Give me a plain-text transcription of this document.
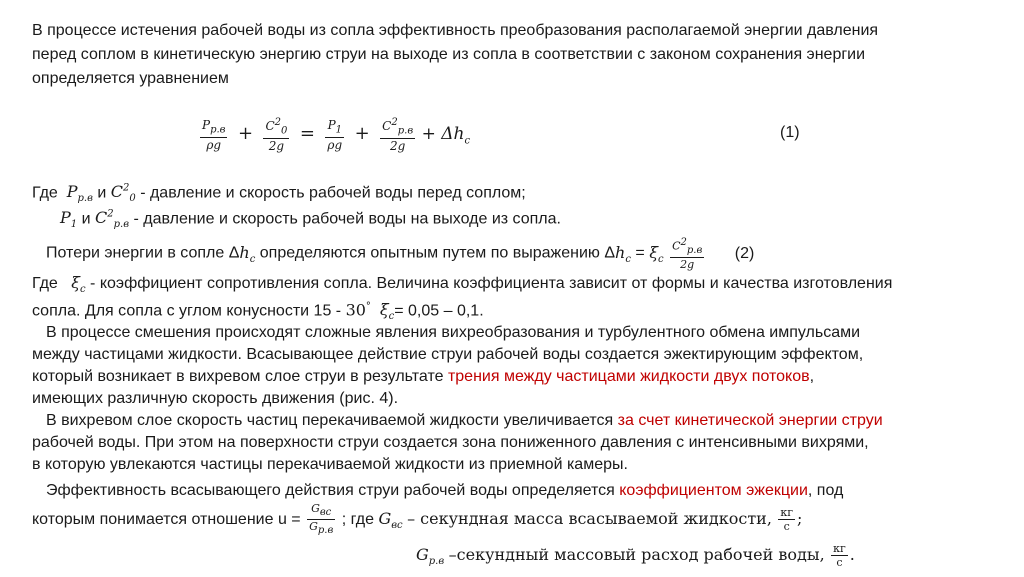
В процессе истечения рабочей воды из сопла эффективность преобразования располагаемой энергии давления
перед соплом в кинетическую энергию струи на выходе из сопла в соответствии с законом сохранения энергии
определяется уравнением
$\frac{P_{р.в}}{\rho g} + \frac{C^2_0}{2g} = \frac{P_1}{\rho g} + \frac{C^2_{р.в}}{2g} + \Delta h_c$	(1)
Где $P_{р.в}$ и $C^2_0$ - давление и скорость рабочей воды перед соплом;
$P_1$ и $C^2_{р.в}$ - давление и скорость рабочей воды на выходе из сопла.
Потери энергии в сопле $\Delta h_c$ определяются опытным путем по выражению $\Delta h_c = \xi_c \frac{C^2_{р.в}}{2g} (2)$
Где $\xi_c$ - коэффициент сопротивления сопла. Величина коэффициента зависит от формы и качества изготовления
сопла. Для сопла с углом конусности 15 - 30° $\xi_c= 0,05 - 0,1$.
В процессе смешения происходят сложные явления вихреобразования и турбулентного обмена импульсами
между частицами жидкости. Всасывающее действие струи рабочей воды создается эжектирующим эффектом,
который возникает в вихревом слое струи в результате трения между частицами жидкости двух потоков,
имеющих различную скорость движения (рис. 4).
В вихревом слое скорость частиц перекачиваемой жидкости увеличивается за счет кинетической энергии струи
рабочей воды. При этом на поверхности струи создается зона пониженного давления с интенсивными вихрями,
в которую увлекаются частицы перекачиваемой жидкости из приемной камеры.
Эффективность всасывающего действия струи рабочей воды определяется коэффициентом эжекции, под
которым понимается отношение $u = \frac{G_{вс}}{G_{р.в}}$ ; где $G_{вс}$ – секундная масса всасываемой жидкости, $\frac{кг}{с}$ ;
$G_{р.в}$ –секундный массовый расход рабочей воды, $\frac{кг}{с}$ .
